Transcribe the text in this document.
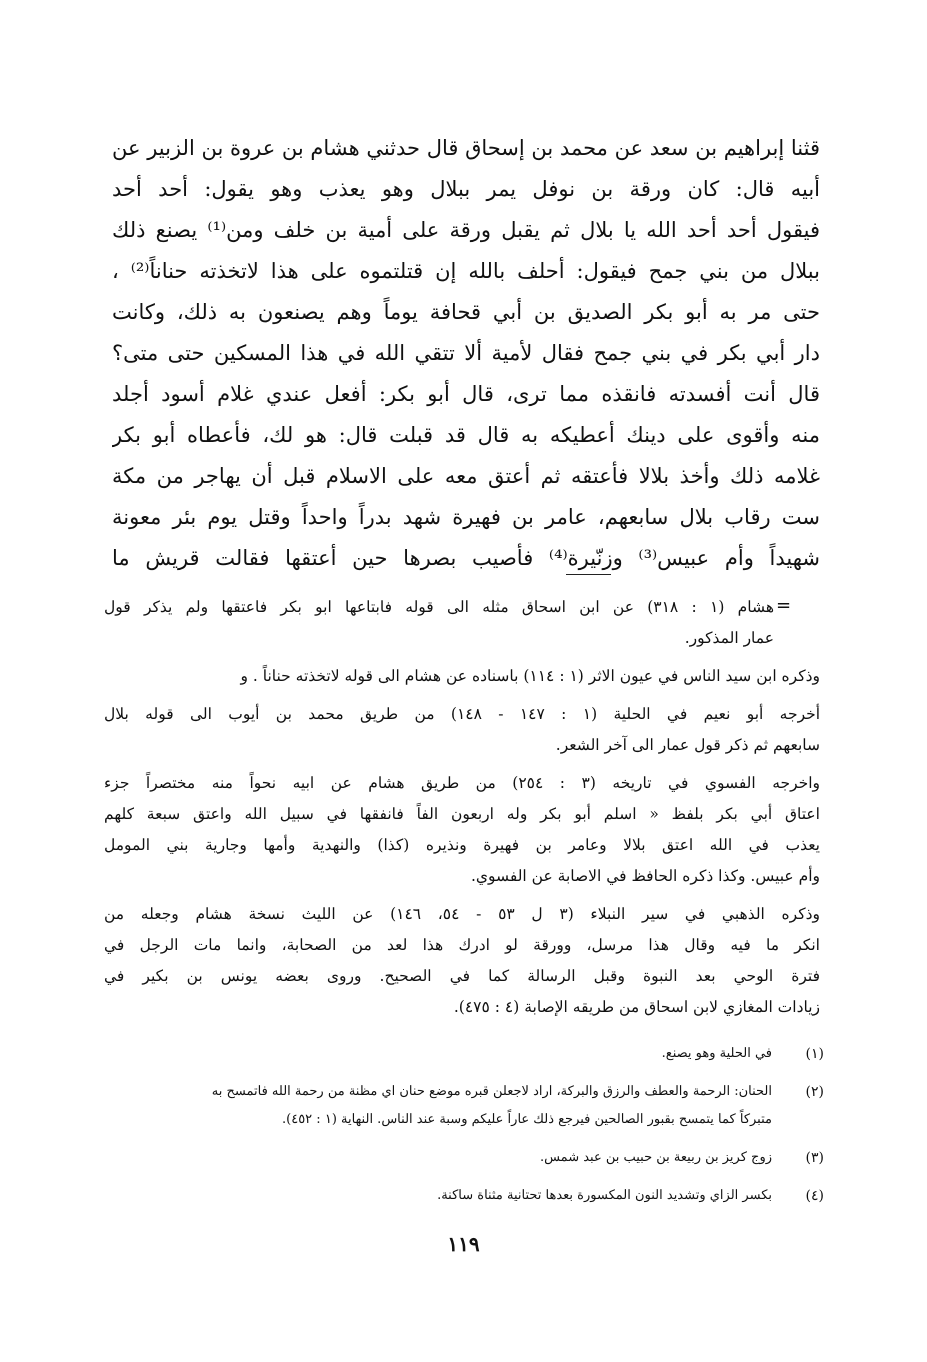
قثنا إبراهيم بن سعد عن محمد بن إسحاق قال حدثني هشام بن عروة بن الزبير عن
أبيه قال: كان ورقة بن نوفل يمر ببلال وهو يعذب وهو يقول: أحد أحد
فيقول أحد أحد الله يا بلال ثم يقبل ورقة على أمية بن خلف ومن⁽¹⁾ يصنع ذلك
ببلال من بني جمح فيقول: أحلف بالله إن قتلتموه على هذا لاتخذته حناناً⁽²⁾ ،
حتى مر به أبو بكر الصديق بن أبي قحافة يوماً وهم يصنعون به ذلك، وكانت
دار أبي بكر في بني جمح فقال لأمية ألا تتقي الله في هذا المسكين حتى متى؟
قال أنت أفسدته فانقذه مما ترى، قال أبو بكر: أفعل عندي غلام أسود أجلد
منه وأقوى على دينك أعطيكه به قال قد قبلت قال: هو لك، فأعطاه أبو بكر
غلامه ذلك وأخذ بلالا فأعتقه ثم أعتق معه على الاسلام قبل أن يهاجر من مكة
ست رقاب بلال سابعهم، عامر بن فهيرة شهد بدراً واحداً وقتل يوم بئر معونة
شهيداً وأم عبيس⁽³⁾ وزنّيرة⁽⁴⁾ فأصيب بصرها حين أعتقها فقالت قريش ما
=
هشام (١ : ٣١٨) عن ابن اسحاق مثله الى قوله فابتاعها ابو بكر فاعتقها ولم يذكر قول
عمار المذكور.
وذكره ابن سيد الناس في عيون الاثر (١ : ١١٤) باسناده عن هشام الى قوله لاتخذته حناناً . و
أخرجه أبو نعيم في الحلية (١ : ١٤٧ - ١٤٨) من طريق محمد بن أيوب الى قوله بلال
سابعهم ثم ذكر قول عمار الى آخر الشعر.
واخرجه الفسوي في تاريخه (٣ : ٢٥٤) من طريق هشام عن ابيه نحواً منه مختصراً جزء
اعتاق أبي بكر بلفظ « اسلم أبو بكر وله اربعون الفاً فانفقها في سبيل الله واعتق سبعة كلهم
يعذب في الله اعتق بلالا وعامر بن فهيرة ونذيره (كذا) والنهدية وأمها وجارية بني المومل
وأم عبيس. وكذا ذكره الحافظ في الاصابة عن الفسوي.
وذكره الذهبي في سير النبلاء (٣ ل ٥٣ - ٥٤، ١٤٦) عن الليث نسخة هشام وجعله من
انكر ما فيه وقال هذا مرسل، وورقة لو ادرك هذا لعد من الصحابة، وانما مات الرجل في
فترة الوحي بعد النبوة وقبل الرسالة كما في الصحيح. وروى بعضه يونس بن بكير في
زيادات المغازي لابن اسحاق من طريقه الإصابة (٤ : ٤٧٥).
(١)
في الحلية وهو يصنع.
(٢)
الحنان: الرحمة والعطف والرزق والبركة، اراد لاجعلن قبره موضع حنان اي مظنة من رحمة الله فاتمسح به
متبركاً كما يتمسح بقبور الصالحين فيرجع ذلك عاراً عليكم وسبة عند الناس. النهاية (١ : ٤٥٢).
(٣)
زوج كريز بن ربيعة بن حبيب بن عبد شمس.
(٤)
بكسر الزاي وتشديد النون المكسورة بعدها تحتانية مثناة ساكنة.
١١٩
